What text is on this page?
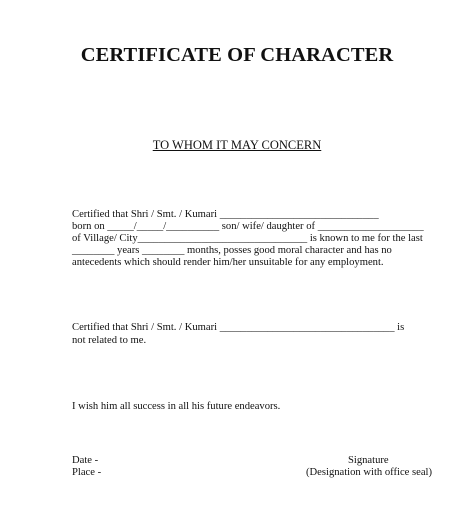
CERTIFICATE OF CHARACTER
TO WHOM IT MAY CONCERN
Certified that Shri / Smt. / Kumari ______________________________
born on _____/_____/__________ son/ wife/ daughter of ____________________
of Village/ City________________________________ is known to me for the last
________ years ________ months, posses good moral character and has no
antecedents which should render him/her unsuitable for any employment.
Certified that Shri / Smt. / Kumari _________________________________ is
not related to me.
I wish him all success in all his future endeavors.
Date -
Place -
Signature
(Designation with office seal)
